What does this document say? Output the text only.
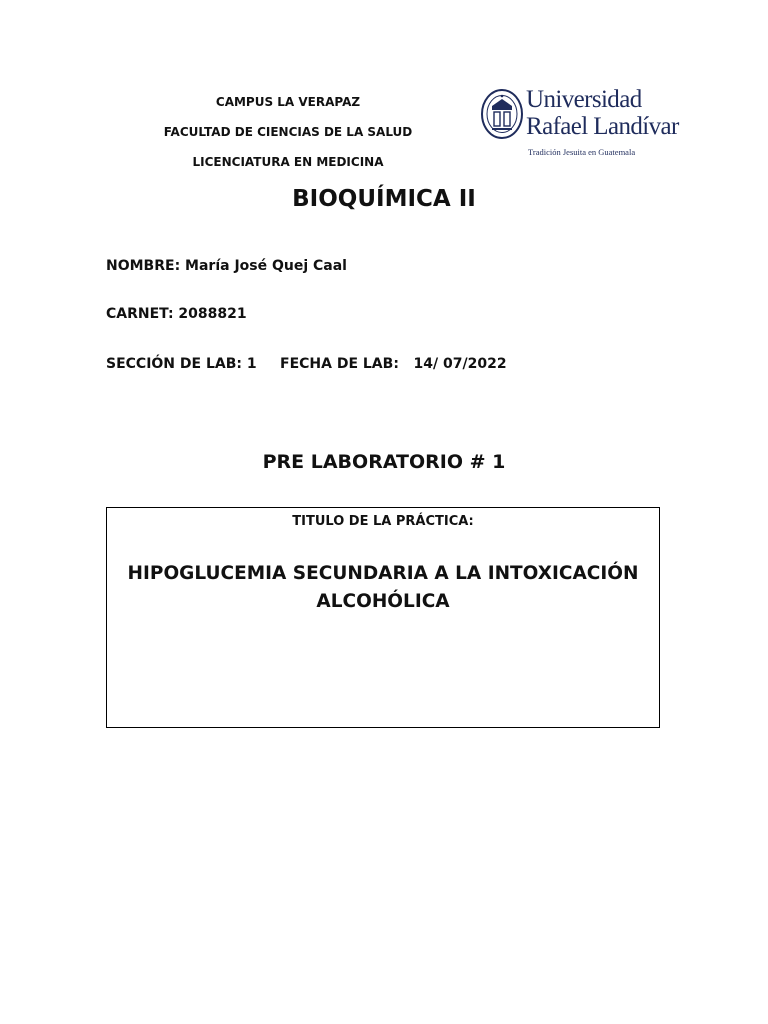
CAMPUS LA VERAPAZ
FACULTAD DE CIENCIAS DE LA SALUD
LICENCIATURA EN MEDICINA
Universidad
Rafael Landívar
Tradición Jesuita en Guatemala
BIOQUÍMICA II
NOMBRE: María José Quej Caal
CARNET: 2088821
SECCIÓN DE LAB: 1 FECHA DE LAB:   14/ 07/2022
PRE LABORATORIO # 1
TITULO DE LA PRÁCTICA:
HIPOGLUCEMIA SECUNDARIA A LA INTOXICACIÓN ALCOHÓLICA
